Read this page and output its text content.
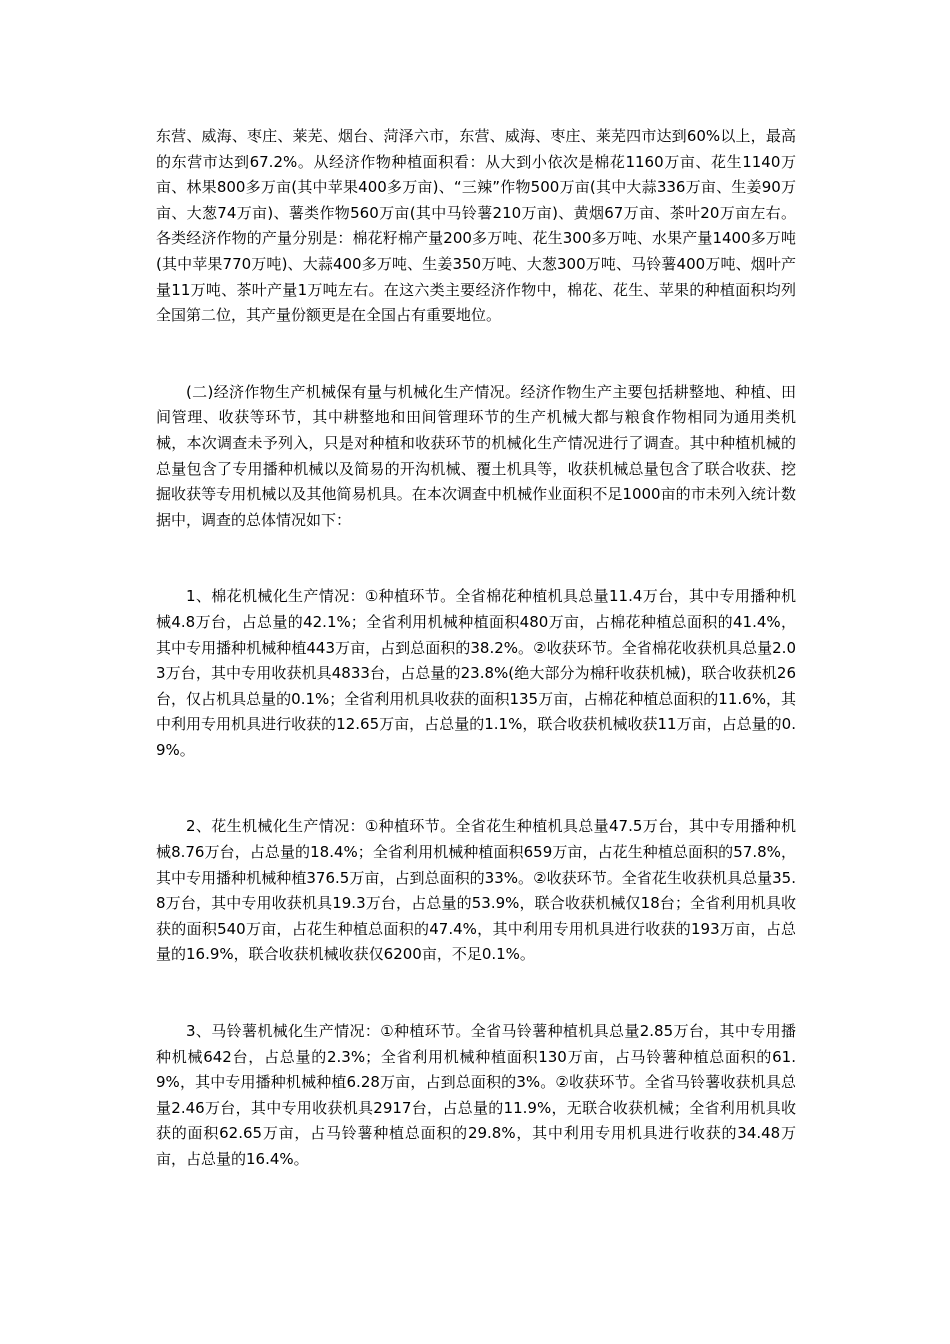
东营、威海、枣庄、莱芜、烟台、菏泽六市，东营、威海、枣庄、莱芜四市达到60%以上，最高的东营市达到67.2%。从经济作物种植面积看：从大到小依次是棉花1160万亩、花生1140万亩、林果800多万亩(其中苹果400多万亩)、“三辣”作物500万亩(其中大蒜336万亩、生姜90万亩、大葱74万亩)、薯类作物560万亩(其中马铃薯210万亩)、黄烟67万亩、茶叶20万亩左右。各类经济作物的产量分别是：棉花籽棉产量200多万吨、花生300多万吨、水果产量1400多万吨(其中苹果770万吨)、大蒜400多万吨、生姜350万吨、大葱300万吨、马铃薯400万吨、烟叶产量11万吨、茶叶产量1万吨左右。在这六类主要经济作物中，棉花、花生、苹果的种植面积均列全国第二位，其产量份额更是在全国占有重要地位。

(二)经济作物生产机械保有量与机械化生产情况。经济作物生产主要包括耕整地、种植、田间管理、收获等环节，其中耕整地和田间管理环节的生产机械大都与粮食作物相同为通用类机械，本次调查未予列入，只是对种植和收获环节的机械化生产情况进行了调查。其中种植机械的总量包含了专用播种机械以及简易的开沟机械、覆土机具等，收获机械总量包含了联合收获、挖掘收获等专用机械以及其他简易机具。在本次调查中机械作业面积不足1000亩的市未列入统计数据中，调查的总体情况如下：

1、棉花机械化生产情况：①种植环节。全省棉花种植机具总量11.4万台，其中专用播种机械4.8万台，占总量的42.1%；全省利用机械种植面积480万亩，占棉花种植总面积的41.4%，其中专用播种机械种植443万亩，占到总面积的38.2%。②收获环节。全省棉花收获机具总量2.03万台，其中专用收获机具4833台，占总量的23.8%(绝大部分为棉秆收获机械)，联合收获机26台，仅占机具总量的0.1%；全省利用机具收获的面积135万亩，占棉花种植总面积的11.6%，其中利用专用机具进行收获的12.65万亩，占总量的1.1%，联合收获机械收获11万亩，占总量的0.9%。

2、花生机械化生产情况：①种植环节。全省花生种植机具总量47.5万台，其中专用播种机械8.76万台，占总量的18.4%；全省利用机械种植面积659万亩，占花生种植总面积的57.8%，其中专用播种机械种植376.5万亩，占到总面积的33%。②收获环节。全省花生收获机具总量35.8万台，其中专用收获机具19.3万台，占总量的53.9%，联合收获机械仅18台；全省利用机具收获的面积540万亩，占花生种植总面积的47.4%，其中利用专用机具进行收获的193万亩，占总量的16.9%，联合收获机械收获仅6200亩，不足0.1%。

3、马铃薯机械化生产情况：①种植环节。全省马铃薯种植机具总量2.85万台，其中专用播种机械642台，占总量的2.3%；全省利用机械种植面积130万亩，占马铃薯种植总面积的61.9%，其中专用播种机械种植6.28万亩，占到总面积的3%。②收获环节。全省马铃薯收获机具总量2.46万台，其中专用收获机具2917台，占总量的11.9%，无联合收获机械；全省利用机具收获的面积62.65万亩，占马铃薯种植总面积的29.8%，其中利用专用机具进行收获的34.48万亩，占总量的16.4%。
